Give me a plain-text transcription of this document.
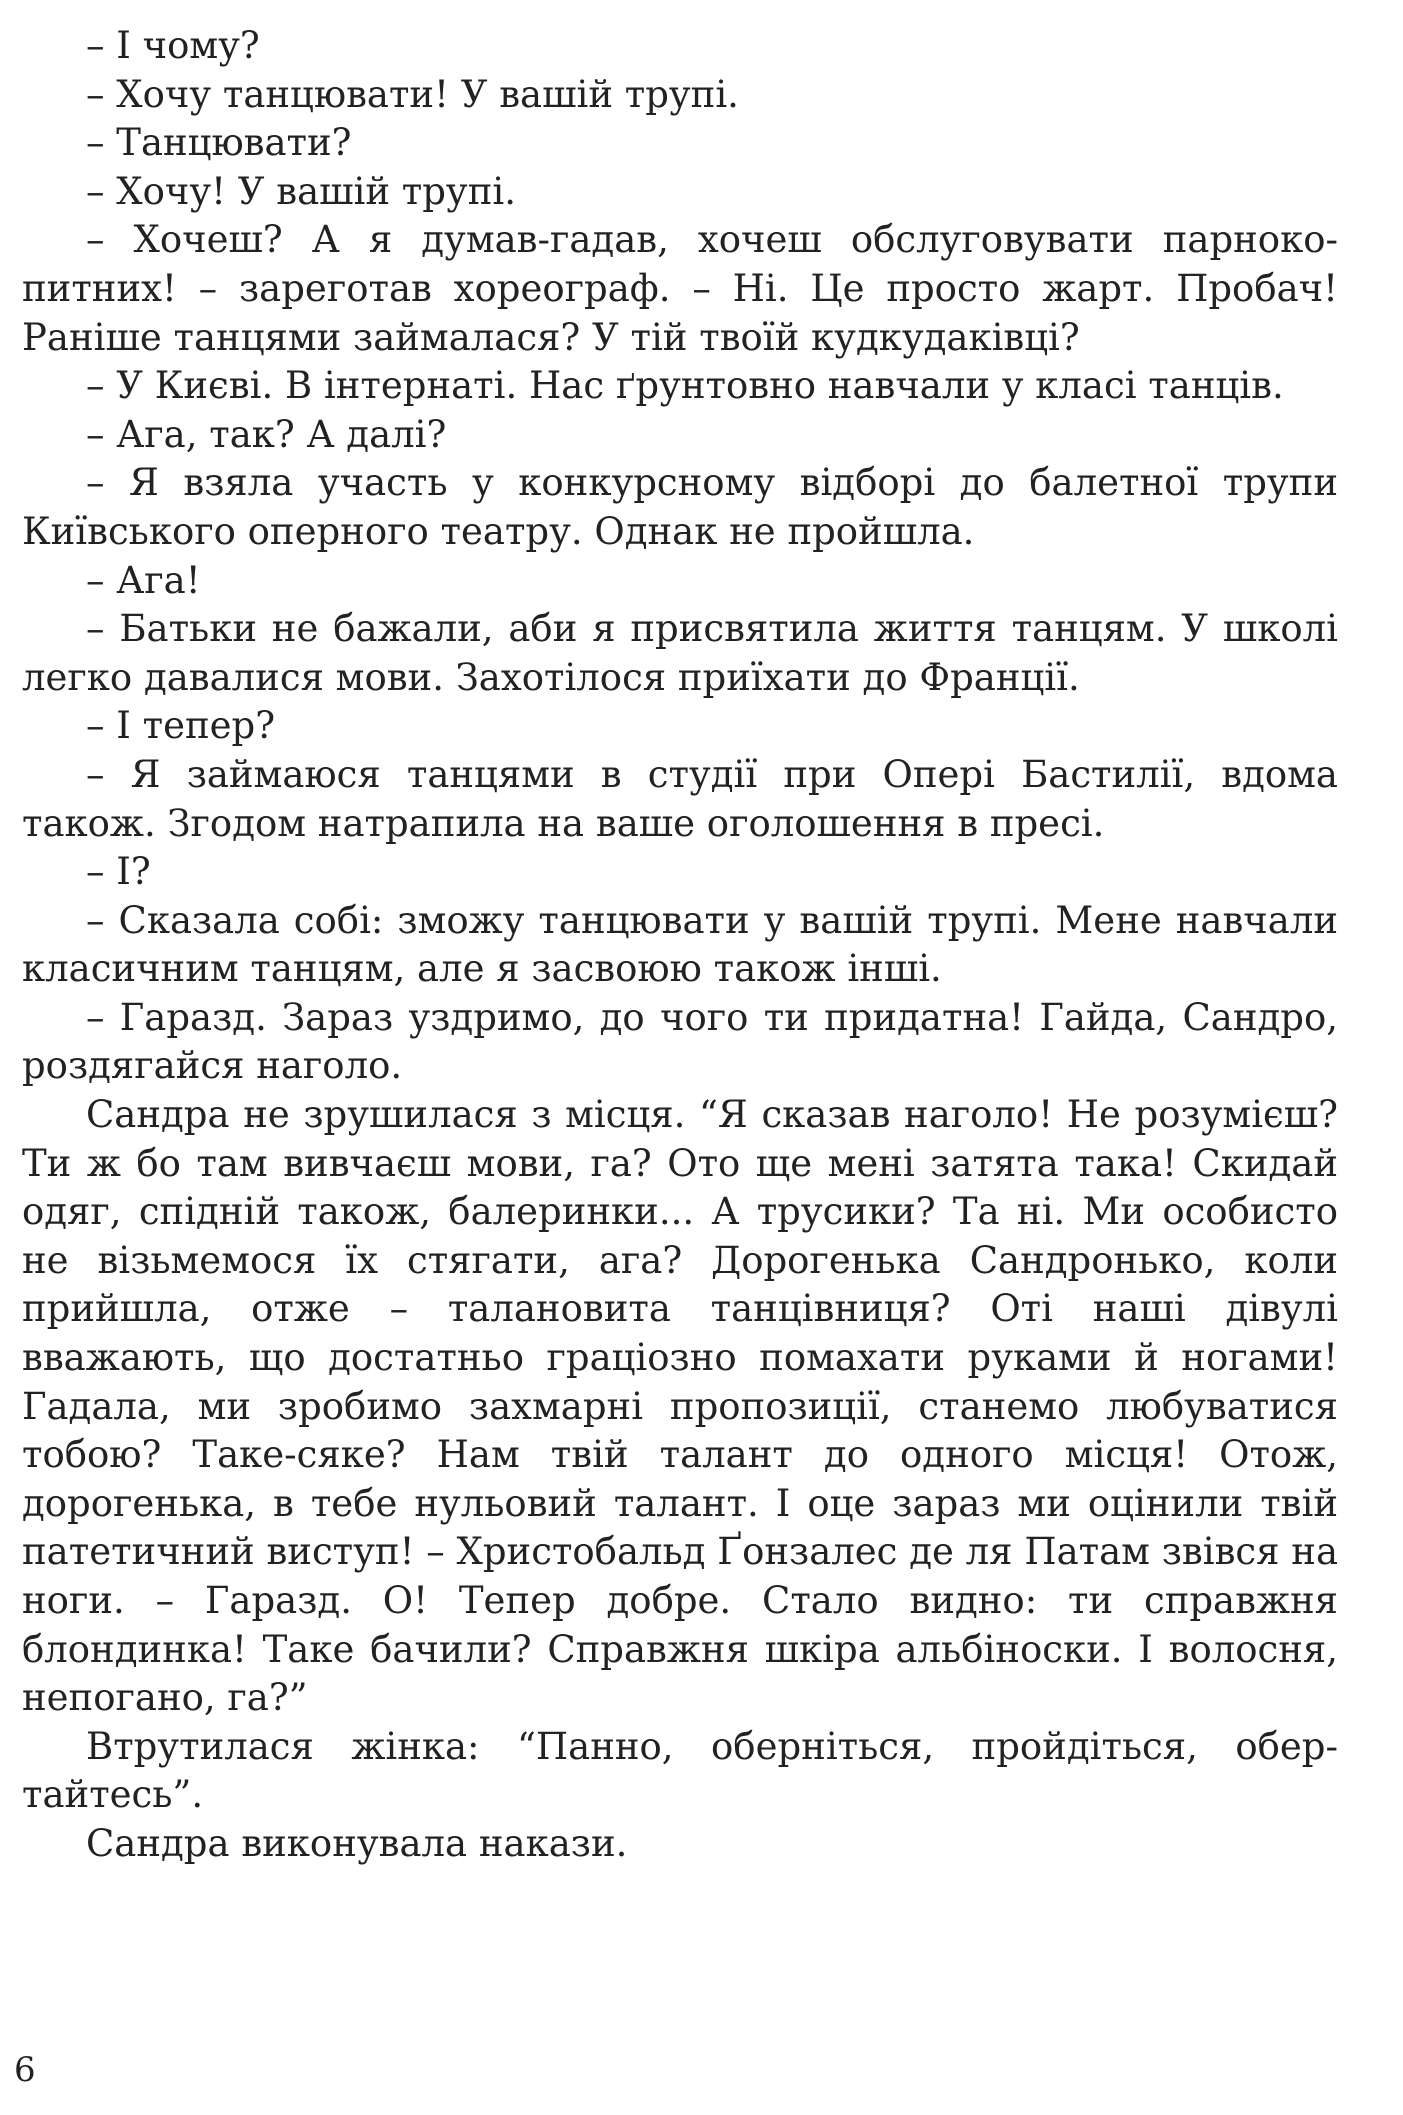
– І чому?

– Хочу танцювати! У вашій трупі.

– Танцювати?

– Хочу! У вашій трупі.

– Хочеш? А я думав-гадав, хочеш обслуговувати парнокопитних! – зареготав хореограф. – Ні. Це просто жарт. Пробач! Раніше танцями займалася? У тій твоїй кудкудаківці?

– У Києві. В інтернаті. Нас ґрунтовно навчали у класі танців.

– Ага, так? А далі?

– Я взяла участь у конкурсному відборі до балетної трупи Київського оперного театру. Однак не пройшла.

– Ага!

– Батьки не бажали, аби я присвятила життя танцям. У школі легко давалися мови. Захотілося приїхати до Франції.

– І тепер?

– Я займаюся танцями в студії при Опері Бастилії, вдома також. Згодом натрапила на ваше оголошення в пресі.

– І?

– Сказала собі: зможу танцювати у вашій трупі. Мене навчали класичним танцям, але я засвоюю також інші.

– Гаразд. Зараз уздримо, до чого ти придатна! Гайда, Сандро, роздягайся наголо.

Сандра не зрушилася з місця. “Я сказав наголо! Не розумієш? Ти ж бо там вивчаєш мови, га? Ото ще мені затята така! Скидай одяг, спідній також, балеринки... А трусики? Та ні. Ми особисто не візьмемося їх стягати, ага? Дорогенька Сандронько, коли прийшла, отже – талановита танцівниця? Оті наші дівулі вважають, що достатньо граціозно помахати руками й ногами! Гадала, ми зробимо захмарні пропозиції, станемо любуватися тобою? Таке-сяке? Нам твій талант до одного місця! Отож, дорогенька, в тебе нульовий талант. І оце зараз ми оцінили твій патетичний виступ! – Христобальд Ґонзалес де ля Патам звівся на ноги. – Гаразд. О! Тепер добре. Стало видно: ти справжня блондинка! Таке бачили? Справжня шкіра альбіноски. І волосня, непогано, га?”

Втрутилася жінка: “Панно, оберніться, пройдіться, обертайтесь”.

Сандра виконувала накази.

6
